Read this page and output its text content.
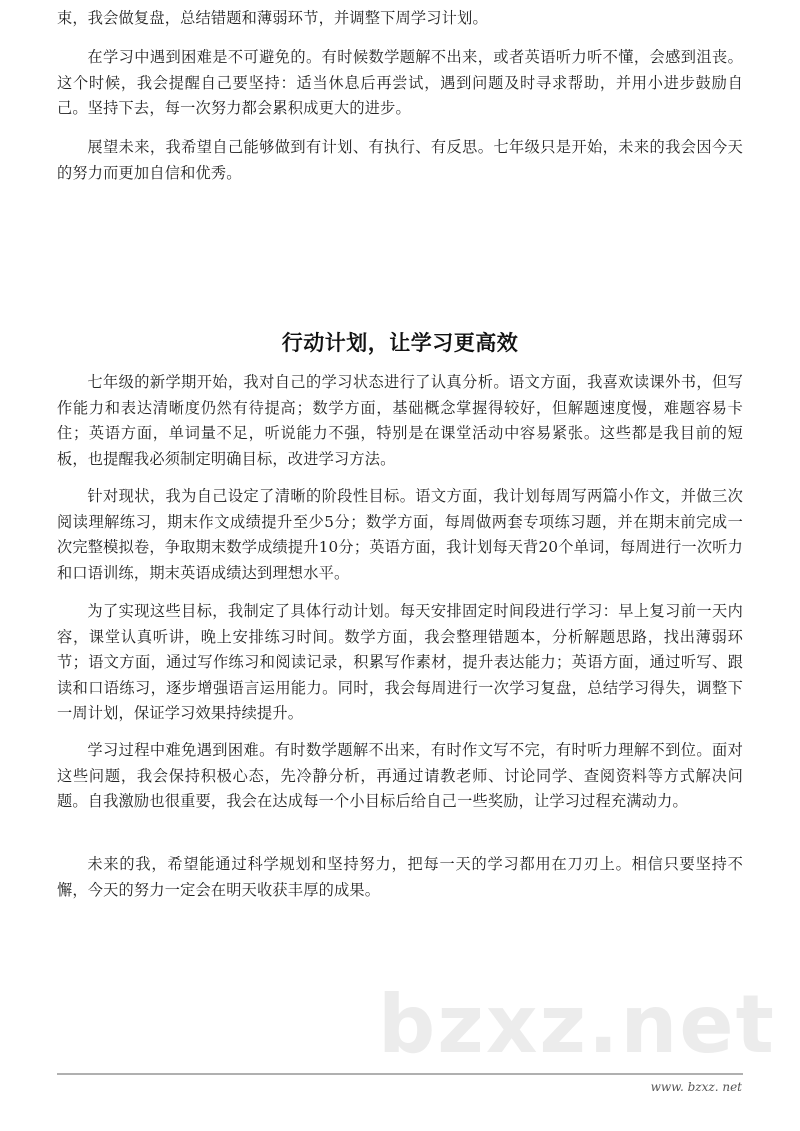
束，我会做复盘，总结错题和薄弱环节，并调整下周学习计划。

在学习中遇到困难是不可避免的。有时候数学题解不出来，或者英语听力听不懂，会感到沮丧。这个时候，我会提醒自己要坚持：适当休息后再尝试，遇到问题及时寻求帮助，并用小进步鼓励自己。坚持下去，每一次努力都会累积成更大的进步。

展望未来，我希望自己能够做到有计划、有执行、有反思。七年级只是开始，未来的我会因今天的努力而更加自信和优秀。

七年级的新学期开始，我对自己的学习状态进行了认真分析。语文方面，我喜欢读课外书，但写作能力和表达清晰度仍然有待提高；数学方面，基础概念掌握得较好，但解题速度慢，难题容易卡住；英语方面，单词量不足，听说能力不强，特别是在课堂活动中容易紧张。这些都是我目前的短板，也提醒我必须制定明确目标，改进学习方法。

针对现状，我为自己设定了清晰的阶段性目标。语文方面，我计划每周写两篇小作文，并做三次阅读理解练习，期末作文成绩提升至少5分；数学方面，每周做两套专项练习题，并在期末前完成一次完整模拟卷，争取期末数学成绩提升10分；英语方面，我计划每天背20个单词，每周进行一次听力和口语训练，期末英语成绩达到理想水平。

为了实现这些目标，我制定了具体行动计划。每天安排固定时间段进行学习：早上复习前一天内容，课堂认真听讲，晚上安排练习时间。数学方面，我会整理错题本，分析解题思路，找出薄弱环节；语文方面，通过写作练习和阅读记录，积累写作素材，提升表达能力；英语方面，通过听写、跟读和口语练习，逐步增强语言运用能力。同时，我会每周进行一次学习复盘，总结学习得失，调整下一周计划，保证学习效果持续提升。

学习过程中难免遇到困难。有时数学题解不出来，有时作文写不完，有时听力理解不到位。面对这些问题，我会保持积极心态，先冷静分析，再通过请教老师、讨论同学、查阅资料等方式解决问题。自我激励也很重要，我会在达成每一个小目标后给自己一些奖励，让学习过程充满动力。

未来的我，希望能通过科学规划和坚持努力，把每一天的学习都用在刀刃上。相信只要坚持不懈，今天的努力一定会在明天收获丰厚的成果。

行动计划，让学习更高效
bzxz.net
www. bzxz. net
